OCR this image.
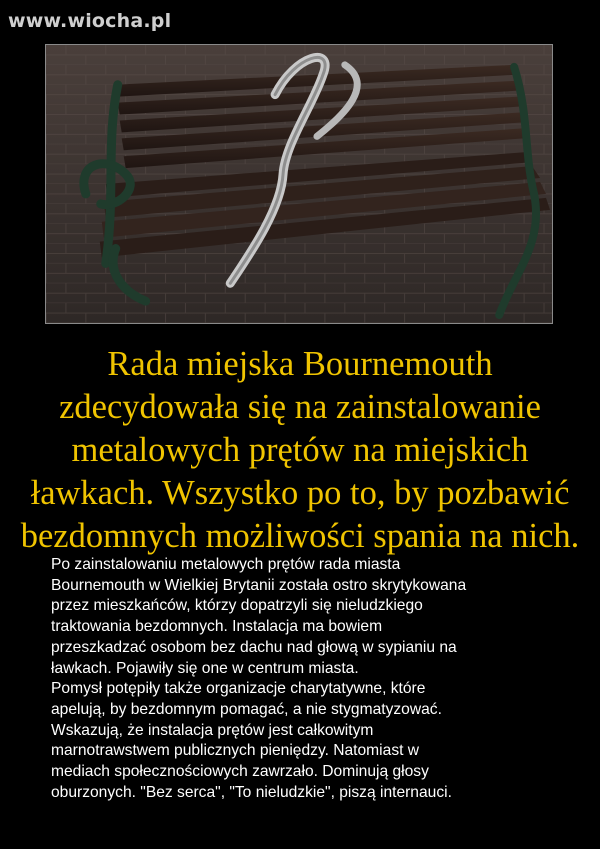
www.wiocha.pl
Rada miejska Bournemouth
zdecydowała się na zainstalowanie
metalowych prętów na miejskich
ławkach. Wszystko po to, by pozbawić
bezdomnych możliwości spania na nich.
Po zainstalowaniu metalowych prętów rada miasta
Bournemouth w Wielkiej Brytanii została ostro skrytykowana
przez mieszkańców, którzy dopatrzyli się nieludzkiego
traktowania bezdomnych. Instalacja ma bowiem
przeszkadzać osobom bez dachu nad głową w sypianiu na
ławkach. Pojawiły się one w centrum miasta.
Pomysł potępiły także organizacje charytatywne, które
apelują, by bezdomnym pomagać, a nie stygmatyzować.
Wskazują, że instalacja prętów jest całkowitym
marnotrawstwem publicznych pieniędzy. Natomiast w
mediach społecznościowych zawrzało. Dominują głosy
oburzonych. "Bez serca", "To nieludzkie", piszą internauci.
